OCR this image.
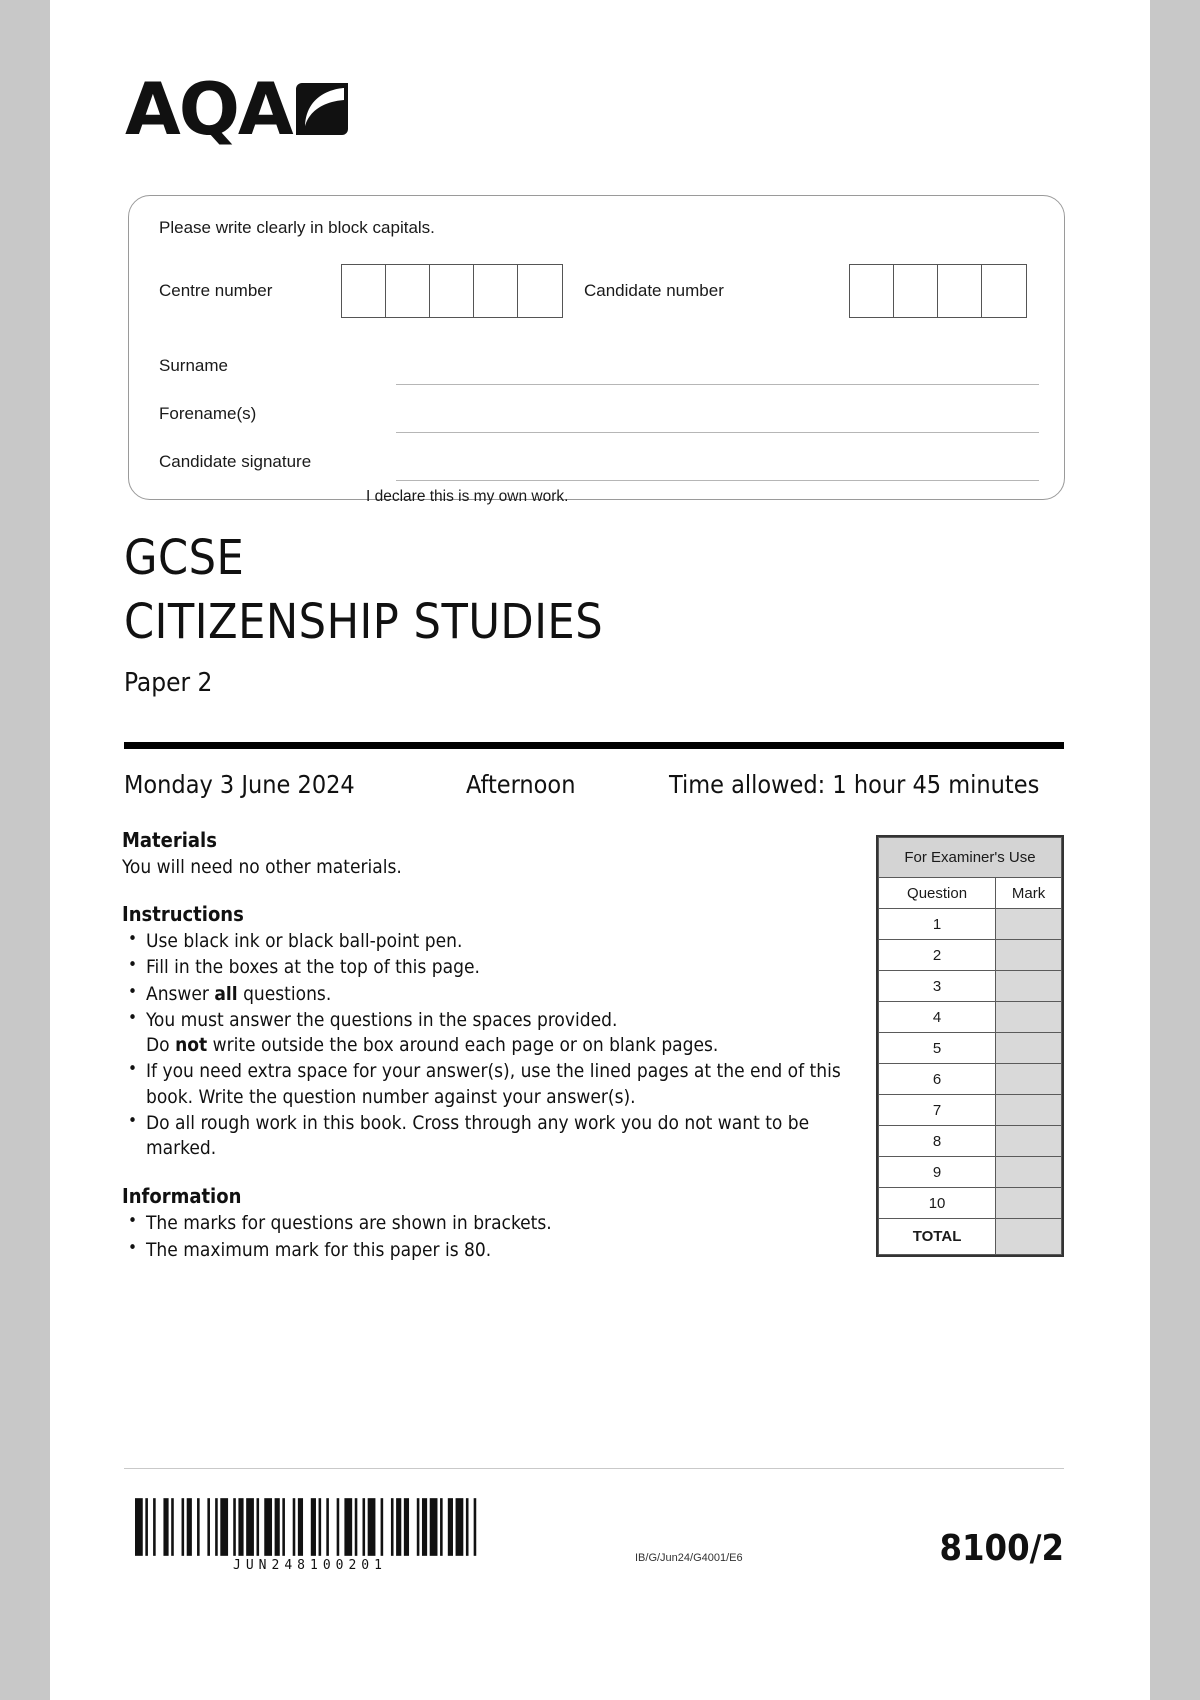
AQA
Please write clearly in block capitals.
Centre number	Candidate number
Surname
Forename(s)
Candidate signature
I declare this is my own work.
GCSE
CITIZENSHIP STUDIES
Paper 2
Monday 3 June 2024	Afternoon	Time allowed: 1 hour 45 minutes
Materials

You will need no other materials.

Instructions
• Use black ink or black ball-point pen.
• Fill in the boxes at the top of this page.
• Answer all questions.
• You must answer the questions in the spaces provided.
Do not write outside the box around each page or on blank pages.
• If you need extra space for your answer(s), use the lined pages at the end of this book. Write the question number against your answer(s).
• Do all rough work in this book. Cross through any work you do not want to be marked.
Information
• The marks for questions are shown in brackets.
• The maximum mark for this paper is 80.
For Examiner's Use	
Question	Mark
1	
2	
3	
4	
5	
6	
7	
8	
9	
10	
TOTAL	
JUN248100201	IB/G/Jun24/G4001/E6	8100/2
